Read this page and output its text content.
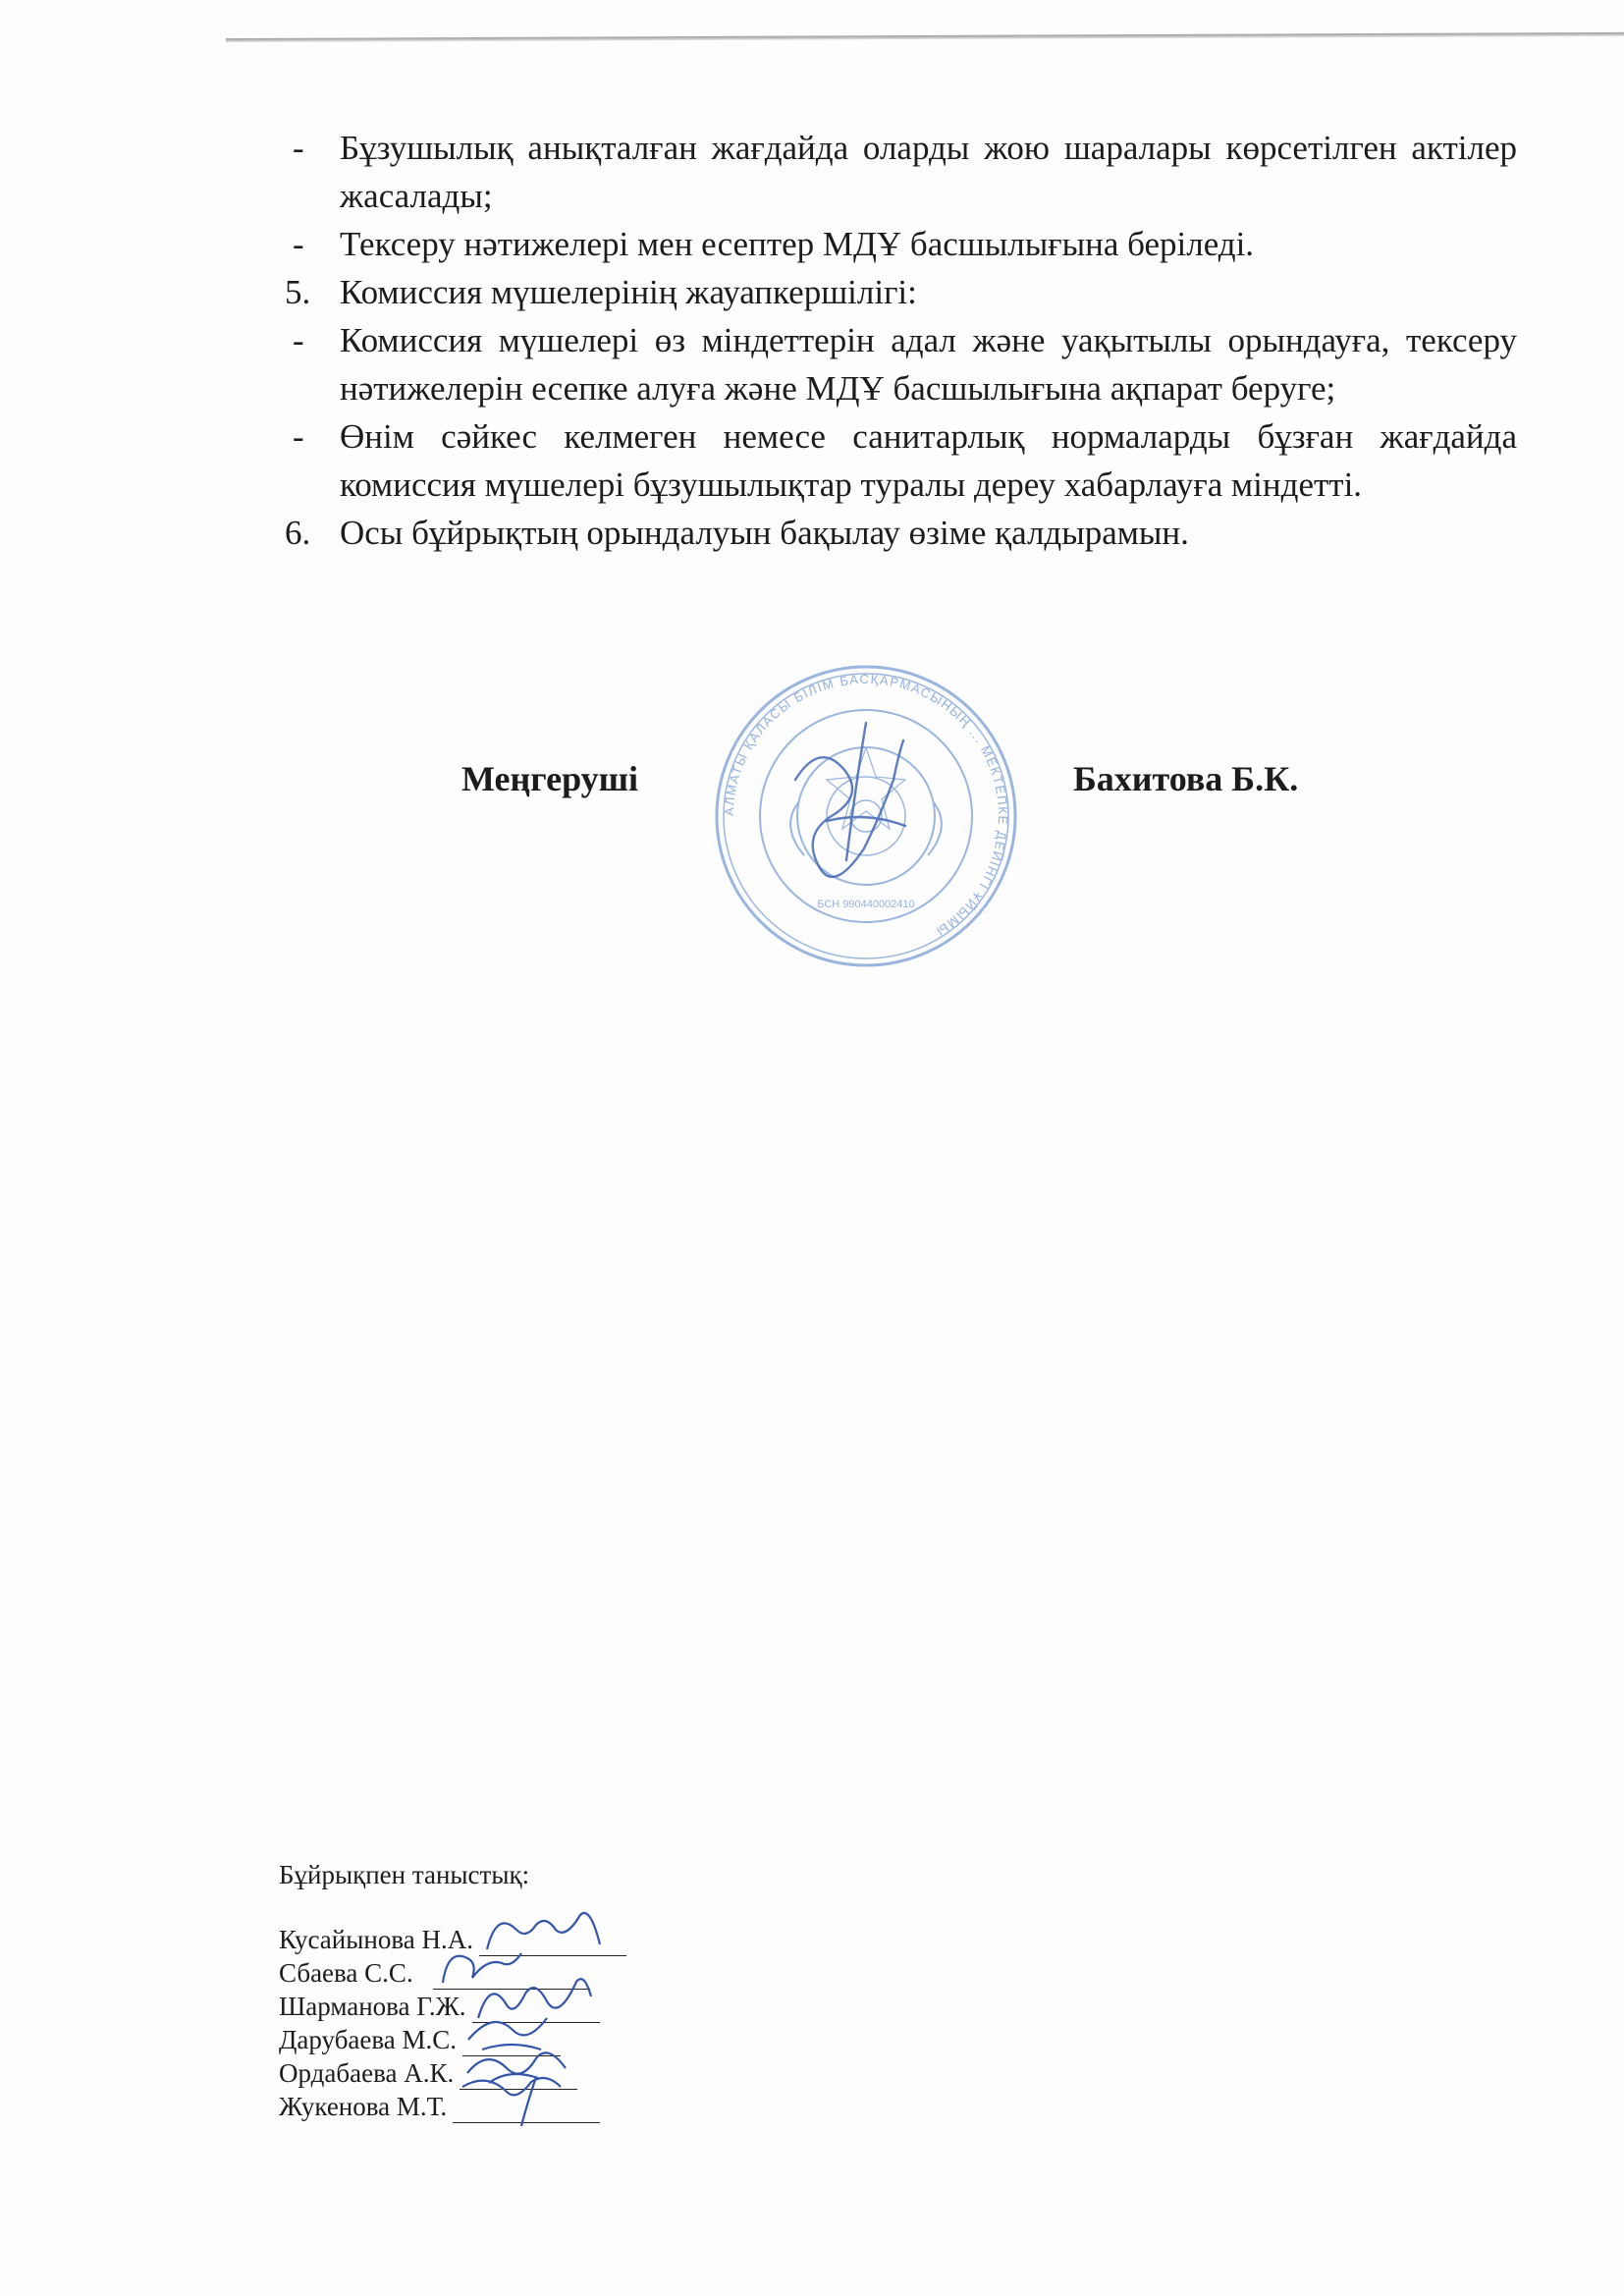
- Бұзушылық анықталған жағдайда оларды жою шаралары көрсетілген актілер жасалады;
- Тексеру нәтижелері мен есептер МДҰ басшылығына беріледі.
5. Комиссия мүшелерінің жауапкершілігі:
- Комиссия мүшелері өз міндеттерін адал және уақытылы орындауға, тексеру нәтижелерін есепке алуға және МДҰ басшылығына ақпарат беруге;
- Өнім сәйкес келмеген немесе санитарлық нормаларды бұзған жағдайда комиссия мүшелері бұзушылықтар туралы дереу хабарлауға міндетті.
6. Осы бұйрықтың орындалуын бақылау өзіме қалдырамын.
АЛМАТЫ ҚАЛАСЫ БІЛІМ БАСҚАРМАСЫНЫҢ ... МЕКТЕПКЕ ДЕЙІНГІ ҰЙЫМЫ
БСН 990440002410
Меңгеруші	Бахитова Б.К.
Бұйрықпен таныстық:
Кусайынова Н.А.
Сбаева С.С.
Шарманова Г.Ж.
Дарубаева М.С.
Ордабаева А.К.
Жукенова М.Т.
